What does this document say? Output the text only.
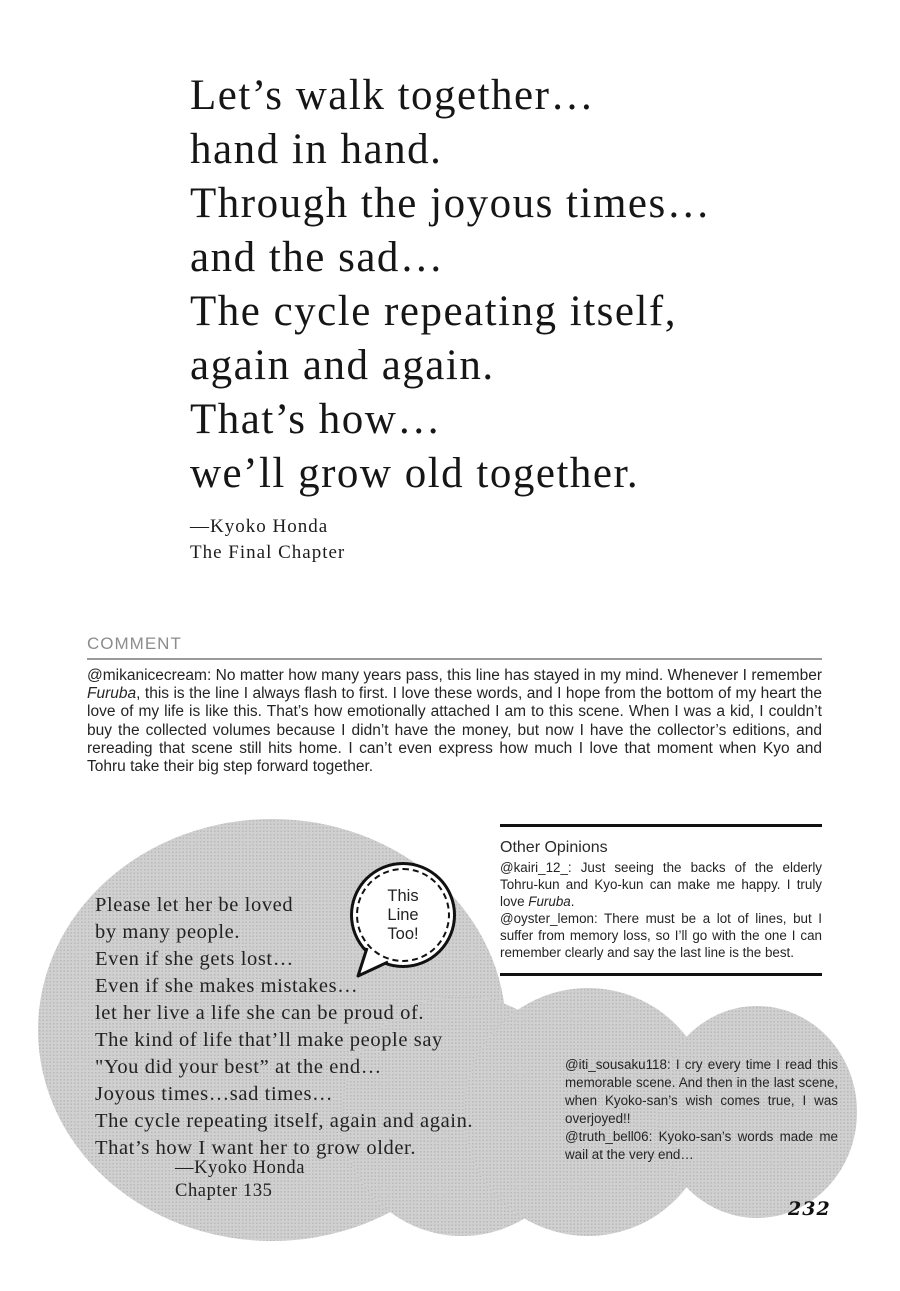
Let’s walk together…
hand in hand.
Through the joyous times…
and the sad…
The cycle repeating itself,
again and again.
That’s how…
we’ll grow old together.
—Kyoko Honda
The Final Chapter
COMMENT
@mikanicecream: No matter how many years pass, this line has stayed in my mind. Whenever I remember Furuba, this is the line I always flash to first. I love these words, and I hope from the bottom of my heart the love of my life is like this. That’s how emotionally attached I am to this scene. When I was a kid, I couldn’t buy the collected volumes because I didn’t have the money, but now I have the collector’s editions, and rereading that scene still hits home. I can’t even express how much I love that moment when Kyo and Tohru take their big step forward together.
Please let her be loved
by many people.
Even if she gets lost…
Even if she makes mistakes…
let her live a life she can be proud of.
The kind of life that’ll make people say
"You did your best” at the end…
Joyous times…sad times…
The cycle repeating itself, again and again.
That’s how I want her to grow older.
—Kyoko Honda
Chapter 135
This
Line
Too!
Other Opinions
@kairi_12_: Just seeing the backs of the elderly Tohru-kun and Kyo-kun can make me happy. I truly love Furuba.
@oyster_lemon: There must be a lot of lines, but I suffer from memory loss, so I’ll go with the one I can remember clearly and say the last line is the best.
@iti_sousaku118: I cry every time I read this memorable scene. And then in the last scene, when Kyoko-san’s wish comes true, I was overjoyed!!
@truth_bell06: Kyoko-san’s words made me wail at the very end…
232
